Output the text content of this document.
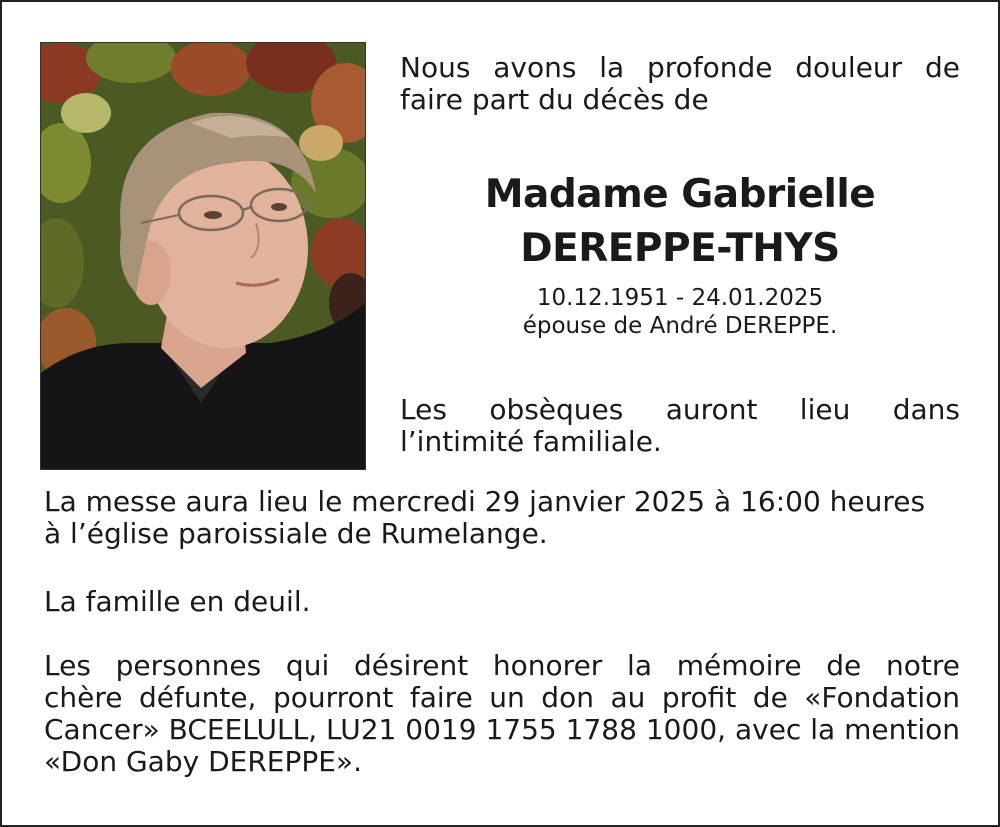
Nous avons la profonde douleur de
faire part du décès de
Madame Gabrielle
DEREPPE-THYS
10.12.1951 - 24.01.2025
épouse de André DEREPPE.
Les obsèques auront lieu dans
l’intimité familiale.
La messe aura lieu le mercredi 29 janvier 2025 à 16:00 heures
à l’église paroissiale de Rumelange.
La famille en deuil.
Les personnes qui désirent honorer la mémoire de notre
chère défunte, pourront faire un don au profit de «Fondation
Cancer» BCEELULL, LU21 0019 1755 1788 1000, avec la mention
«Don Gaby DEREPPE».
